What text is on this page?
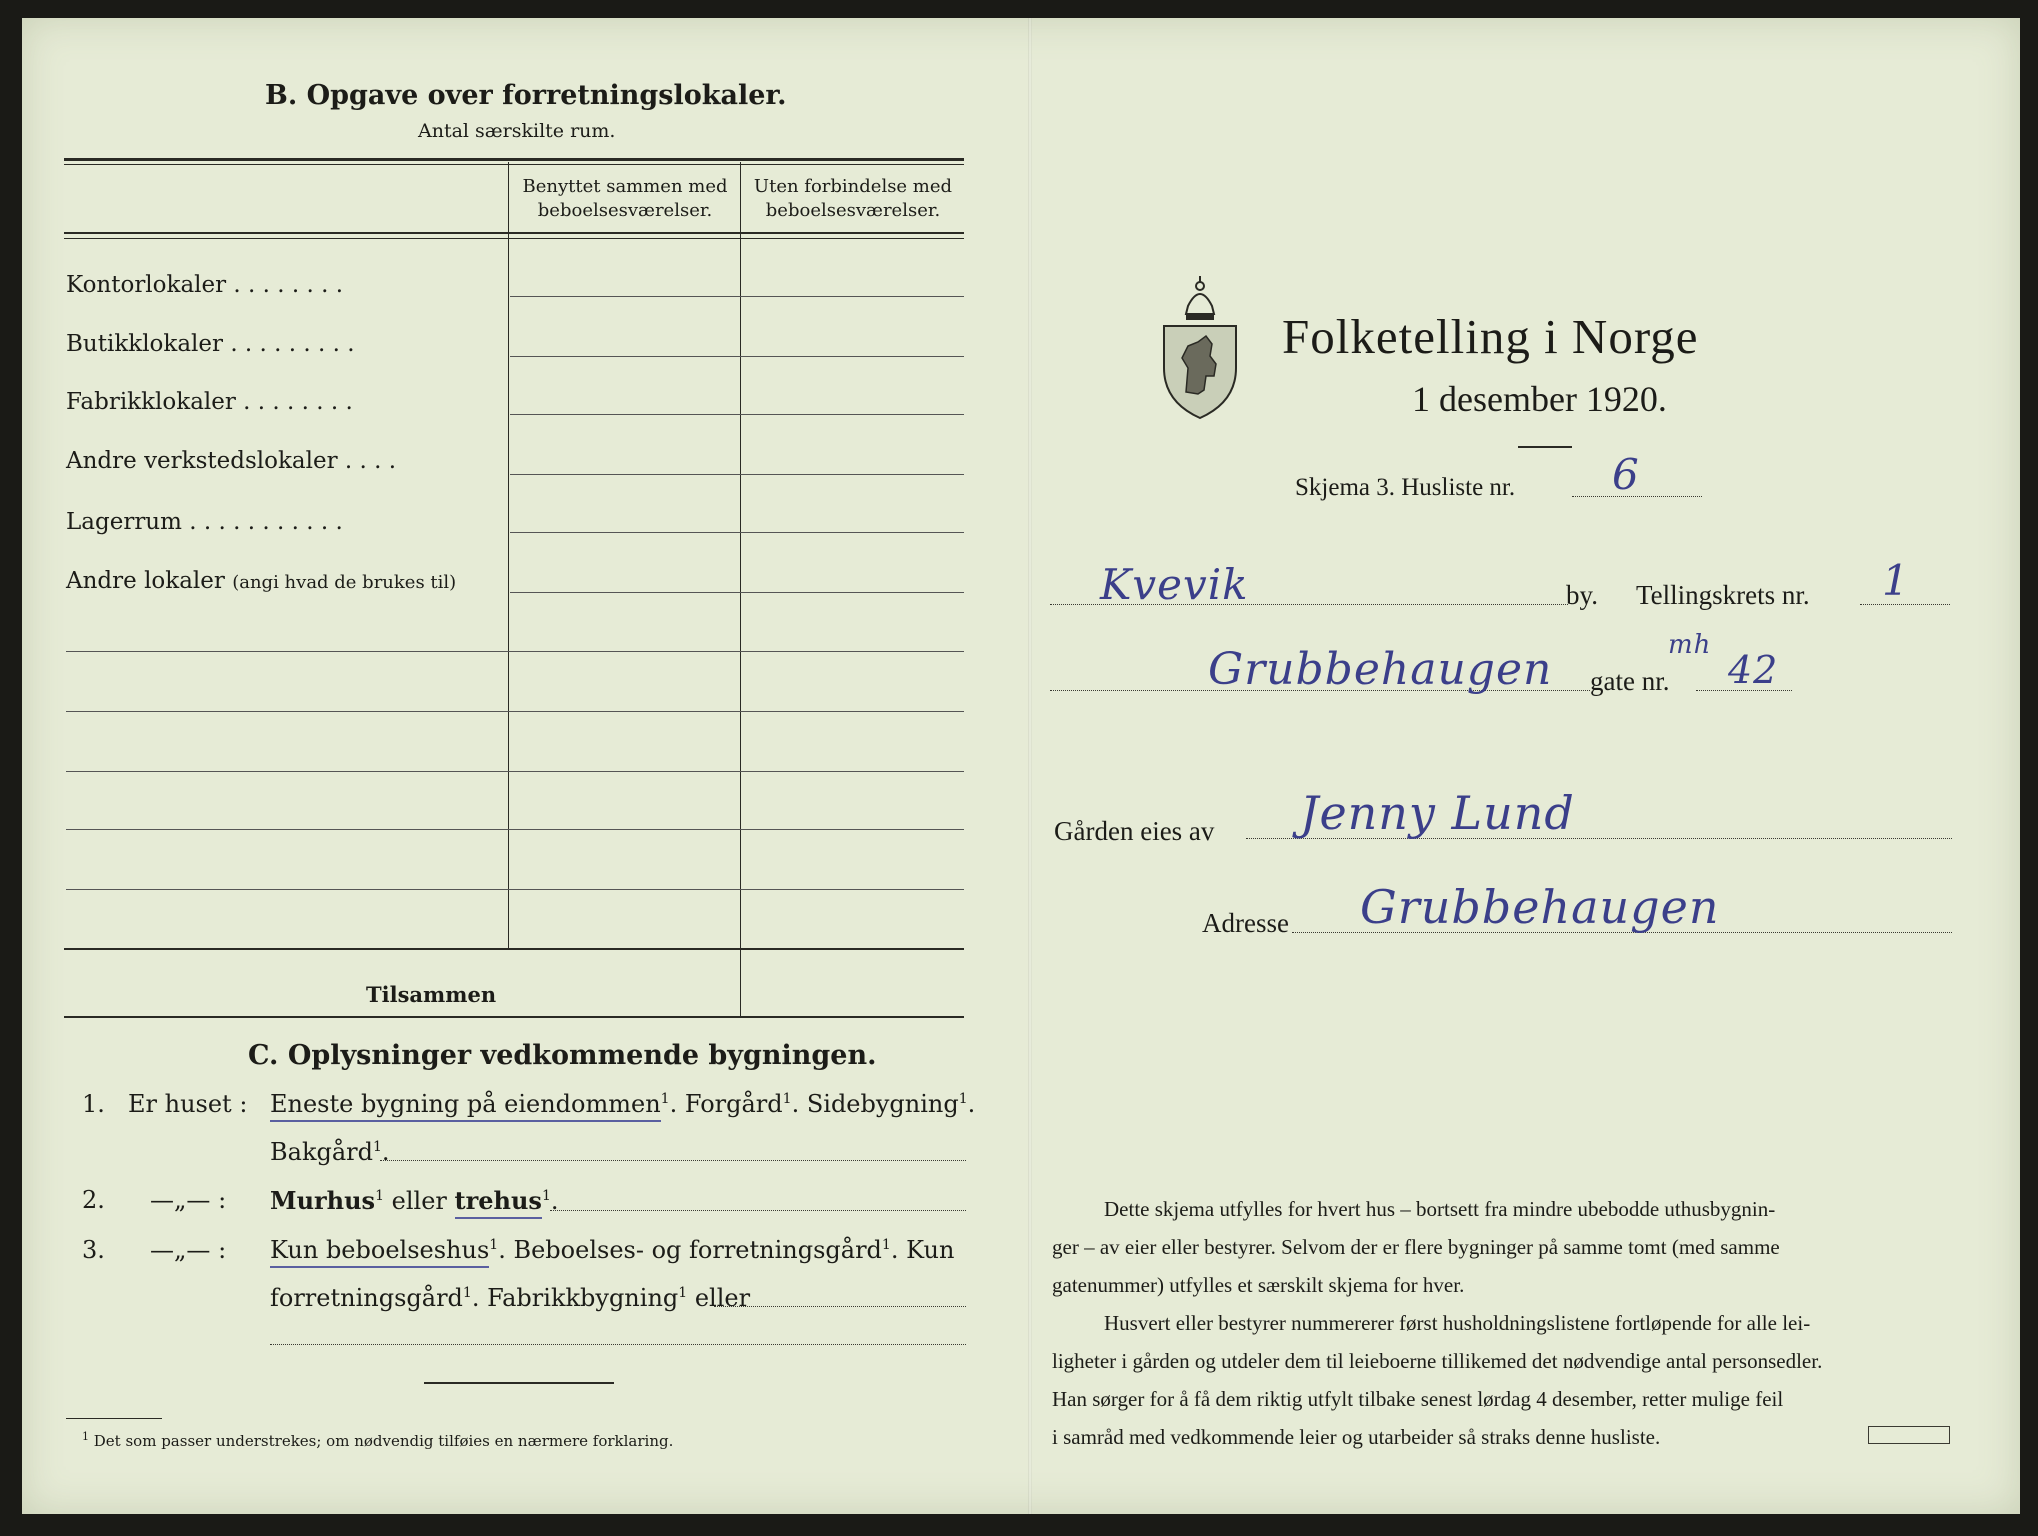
B. Opgave over forretningslokaler.
Antal særskilte rum.
Benyttet sammen med
beboelsesværelser.
Uten forbindelse med
beboelsesværelser.
Kontorlokaler . . . . . . . .
Butikklokaler . . . . . . . . .
Fabrikklokaler . . . . . . . .
Andre verkstedslokaler . . . .
Lagerrum . . . . . . . . . . .
Andre lokaler (angi hvad de brukes til)
Tilsammen
C. Oplysninger vedkommende bygningen.
1. Er huset : Eneste bygning på eiendommen$^1$. Forgård$^1$. Sidebygning$^1$.
Bakgård$^1$.
2. —„— : Murhus$^1$ eller trehus$^1$.
3. —„— : Kun beboelseshus$^1$. Beboelses- og forretningsgård$^1$. Kun
forretningsgård$^1$. Fabrikkbygning$^1$ eller
$^1$ Det som passer understrekes; om nødvendig tilføies en nærmere forklaring.
Folketelling i Norge
1 desember 1920.
Skjema 3. Husliste nr. 6
Kvevik	by. Tellingskrets nr. 1
Grubbehaugen	mh
gate nr. 42
Gården eies av Jenny Lund
Adresse Grubbehaugen
Dette skjema utfylles for hvert hus – bortsett fra mindre ubebodde uthusbygnin-
ger – av eier eller bestyrer. Selvom der er flere bygninger på samme tomt (med samme
gatenummer) utfylles et særskilt skjema for hver.
Husvert eller bestyrer nummererer først husholdningslistene fortløpende for alle lei-
ligheter i gården og utdeler dem til leieboerne tillikemed det nødvendige antal personsedler.
Han sørger for å få dem riktig utfylt tilbake senest lørdag 4 desember, retter mulige feil
i samråd med vedkommende leier og utarbeider så straks denne husliste.
